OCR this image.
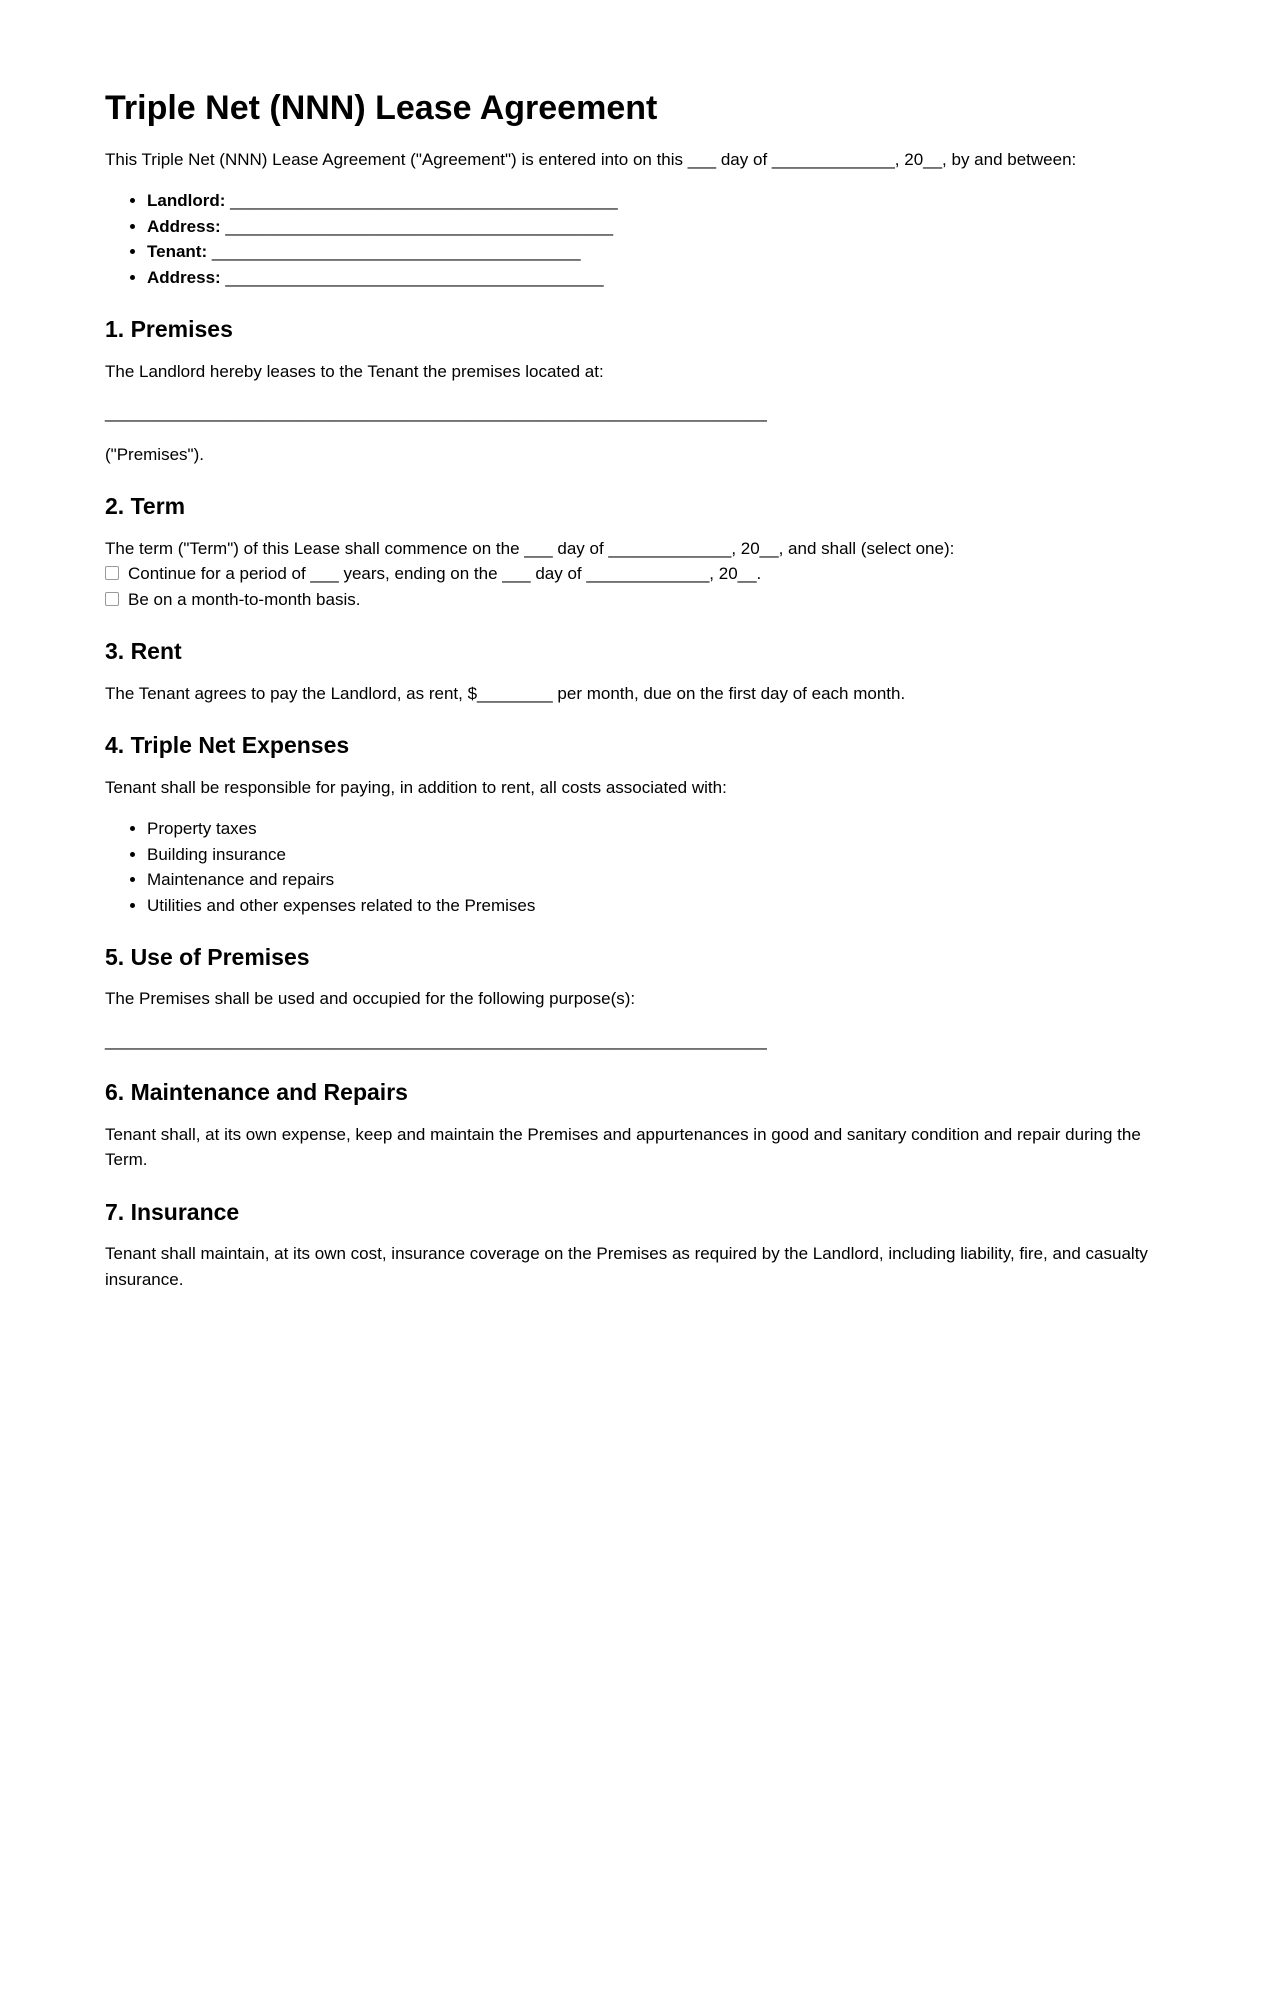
Triple Net (NNN) Lease Agreement

This Triple Net (NNN) Lease Agreement ("Agreement") is entered into on this ___ day of _____________, 20__, by and between:

• Landlord: _________________________________________
• Address: _________________________________________
• Tenant: _______________________________________
• Address: ________________________________________
1. Premises

The Landlord hereby leases to the Tenant the premises located at:

______________________________________________________________________

("Premises").

2. Term

The term ("Term") of this Lease shall commence on the ___ day of _____________, 20__, and shall (select one):

Continue for a period of ___ years, ending on the ___ day of _____________, 20__.
Be on a month-to-month basis.
3. Rent

The Tenant agrees to pay the Landlord, as rent, $________ per month, due on the first day of each month.

4. Triple Net Expenses

Tenant shall be responsible for paying, in addition to rent, all costs associated with:

• Property taxes
• Building insurance
• Maintenance and repairs
• Utilities and other expenses related to the Premises
5. Use of Premises

The Premises shall be used and occupied for the following purpose(s):

______________________________________________________________________

6. Maintenance and Repairs

Tenant shall, at its own expense, keep and maintain the Premises and appurtenances in good and sanitary condition and repair during the Term.

7. Insurance

Tenant shall maintain, at its own cost, insurance coverage on the Premises as required by the Landlord, including liability, fire, and casualty insurance.
